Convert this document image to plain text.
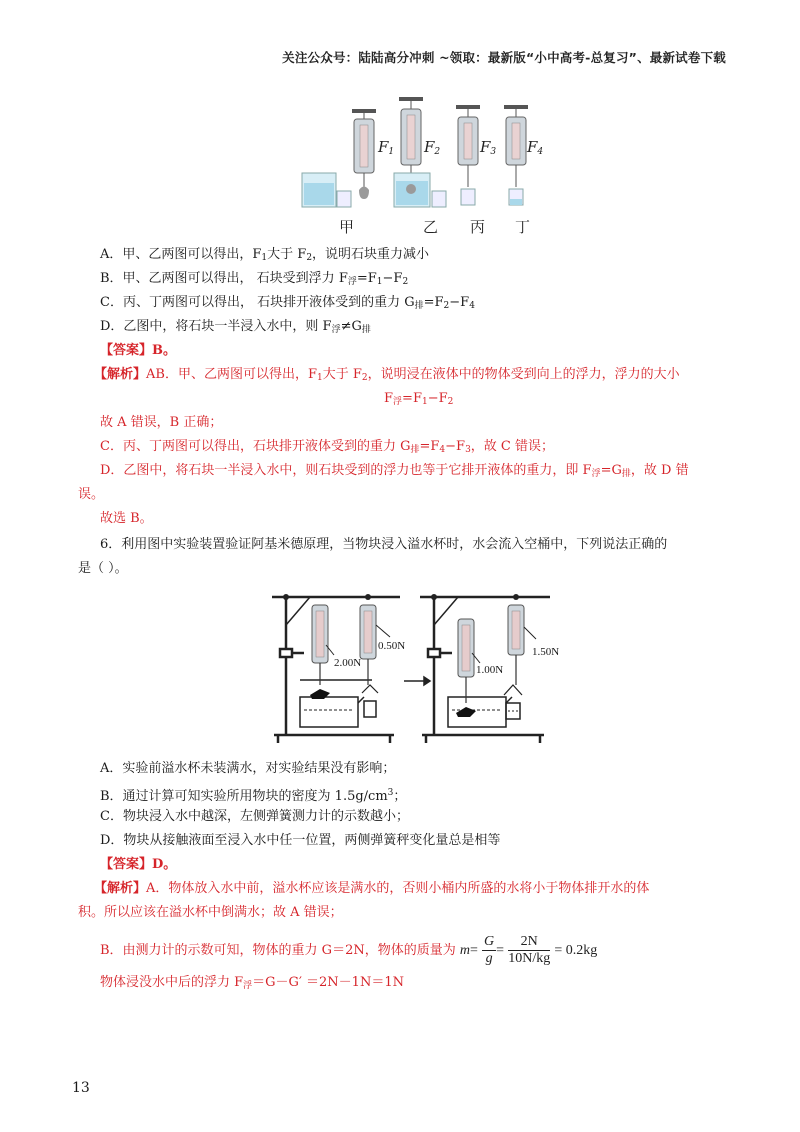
关注公众号：陆陆高分冲刺 ~领取：最新版“小中高考-总复习”、最新试卷下载
$F_1$ $F_2$	$F_3$ $F_4$
甲	乙 丙 丁
A．甲、乙两图可以得出，$F_1$大于 $F_2$，说明石块重力减小
B．甲、乙两图可以得出， 石块受到浮力 $F_浮=F_1-F_2$
C．丙、丁两图可以得出， 石块排开液体受到的重力 $G_排=F_2-F_4$
D．乙图中，将石块一半浸入水中，则 $F_浮\ne G_排$
【答案】B。
【解析】AB．甲、乙两图可以得出，$F_1$大于 $F_2$，说明浸在液体中的物体受到向上的浮力，浮力的大小
$F_浮=F_1-F_2$
故 A 错误，B 正确；
C．丙、丁两图可以得出，石块排开液体受到的重力 $G_排=F_4-F_3$，故 C 错误；
D．乙图中，将石块一半浸入水中，则石块受到的浮力也等于它排开液体的重力，即 $F_浮=G_排$，故 D 错
误。
故选 B。
6．利用图中实验装置验证阿基米德原理，当物块浸入溢水杯时，水会流入空桶中，下列说法正确的
是（ ）。
2.00N
0.50N
1.00N
1.50N
A．实验前溢水杯未装满水，对实验结果没有影响；
B．通过计算可知实验所用物块的密度为 $1.5g/cm^3$；
C．物块浸入水中越深，左侧弹簧测力计的示数越小；
D．物块从接触液面至浸入水中任一位置，两侧弹簧秤变化量总是相等
【答案】D。
【解析】A．物体放入水中前，溢水杯应该是满水的，否则小桶内所盛的水将小于物体排开水的体
积。所以应该在溢水杯中倒满水；故 A 错误；
B．由测力计的示数可知，物体的重力 G＝2N，物体的质量为 $m= \frac{G}{g} = \frac{2N}{10N/kg} = 0.2kg$
物体浸没水中后的浮力 $F_浮=G-G' =2N-1N=1N$
13
